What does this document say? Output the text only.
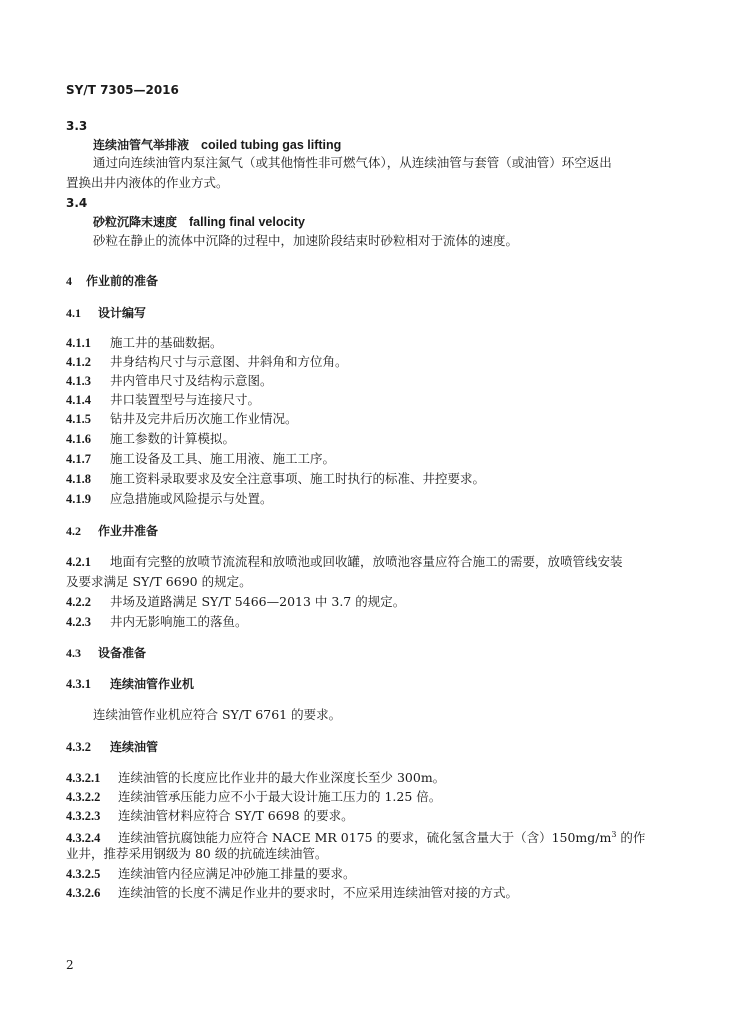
SY/T 7305—2016
3.3
连续油管气举排液 coiled tubing gas lifting
通过向连续油管内泵注氮气（或其他惰性非可燃气体），从连续油管与套管（或油管）环空返出
置换出井内液体的作业方式。
3.4
砂粒沉降末速度 falling final velocity
砂粒在静止的流体中沉降的过程中，加速阶段结束时砂粒相对于流体的速度。
4 作业前的准备
4.1 设计编写
4.1.1 施工井的基础数据。
4.1.2 井身结构尺寸与示意图、井斜角和方位角。
4.1.3 井内管串尺寸及结构示意图。
4.1.4 井口装置型号与连接尺寸。
4.1.5 钻井及完井后历次施工作业情况。
4.1.6 施工参数的计算模拟。
4.1.7 施工设备及工具、施工用液、施工工序。
4.1.8 施工资料录取要求及安全注意事项、施工时执行的标准、井控要求。
4.1.9 应急措施或风险提示与处置。
4.2 作业井准备
4.2.1 地面有完整的放喷节流流程和放喷池或回收罐，放喷池容量应符合施工的需要，放喷管线安装
及要求满足 SY/T 6690 的规定。
4.2.2 井场及道路满足 SY/T 5466—2013 中 3.7 的规定。
4.2.3 井内无影响施工的落鱼。
4.3 设备准备
4.3.1 连续油管作业机
连续油管作业机应符合 SY/T 6761 的要求。
4.3.2 连续油管
4.3.2.1 连续油管的长度应比作业井的最大作业深度长至少 300m。
4.3.2.2 连续油管承压能力应不小于最大设计施工压力的 1.25 倍。
4.3.2.3 连续油管材料应符合 SY/T 6698 的要求。
4.3.2.4 连续油管抗腐蚀能力应符合 NACE MR 0175 的要求，硫化氢含量大于（含）$150mg/m^3$ 的作
业井，推荐采用钢级为 80 级的抗硫连续油管。
4.3.2.5 连续油管内径应满足冲砂施工排量的要求。
4.3.2.6 连续油管的长度不满足作业井的要求时，不应采用连续油管对接的方式。
2
